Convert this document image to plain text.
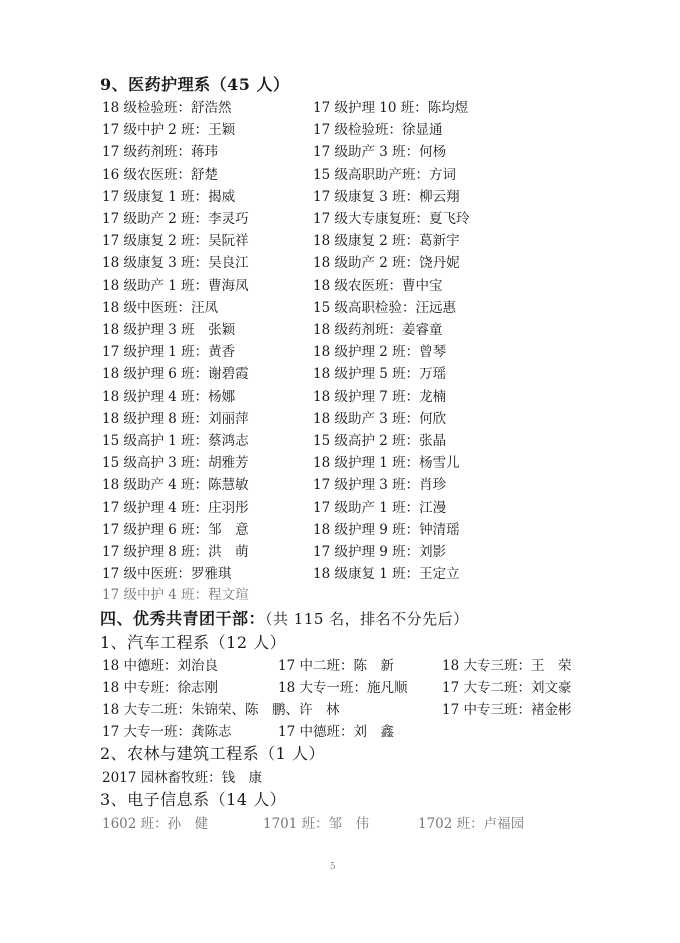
9、医药护理系（45 人）
18 级检验班：舒浩然	17 级护理 10 班：陈均煜
17 级中护 2 班：王颖	17 级检验班：徐显通
17 级药剂班：蒋玮	17 级助产 3 班：何杨
16 级农医班：舒楚	15 级高职助产班：方词
17 级康复 1 班：揭威	17 级康复 3 班：柳云翔
17 级助产 2 班：李灵巧	17 级大专康复班：夏飞玲
17 级康复 2 班：吴阮祥	18 级康复 2 班：葛新宇
18 级康复 3 班：吴良江	18 级助产 2 班：饶丹妮
18 级助产 1 班：曹海凤	18 级农医班：曹中宝
18 级中医班：汪凤	15 级高职检验：汪远惠
18 级护理 3 班　张颖	18 级药剂班：姜睿童
17 级护理 1 班：黄香	18 级护理 2 班：曾琴
18 级护理 6 班：谢碧霞	18 级护理 5 班：万瑶
18 级护理 4 班：杨娜	18 级护理 7 班：龙楠
18 级护理 8 班：刘丽萍	18 级助产 3 班：何欣
15 级高护 1 班：蔡鸿志	15 级高护 2 班：张晶
15 级高护 3 班：胡雅芳	18 级护理 1 班：杨雪儿
18 级助产 4 班：陈慧敏	17 级护理 3 班：肖珍
17 级护理 4 班：庄羽彤	17 级助产 1 班：江漫
17 级护理 6 班：邹　意	18 级护理 9 班：钟清瑶
17 级护理 8 班：洪　萌	17 级护理 9 班：刘影
17 级中医班：罗雅琪	18 级康复 1 班：王定立
17 级中护 4 班：程文瑄
四、优秀共青团干部：（共 115 名，排名不分先后）
1、汽车工程系（12 人）
18 中德班：刘治良	17 中二班：陈　新	18 大专三班：王　荣
18 中专班：徐志刚	18 大专一班：施凡顺	17 大专二班：刘文豪
18 大专二班：朱锦荣、陈　鹏、许　林	17 中专三班：褚金彬
17 大专一班：龚陈志	17 中德班：刘　鑫
2、农林与建筑工程系（1 人）
2017 园林畜牧班：钱　康
3、电子信息系（14 人）
1602 班：孙　健	1701 班：邹　伟	1702 班：卢福园
5
